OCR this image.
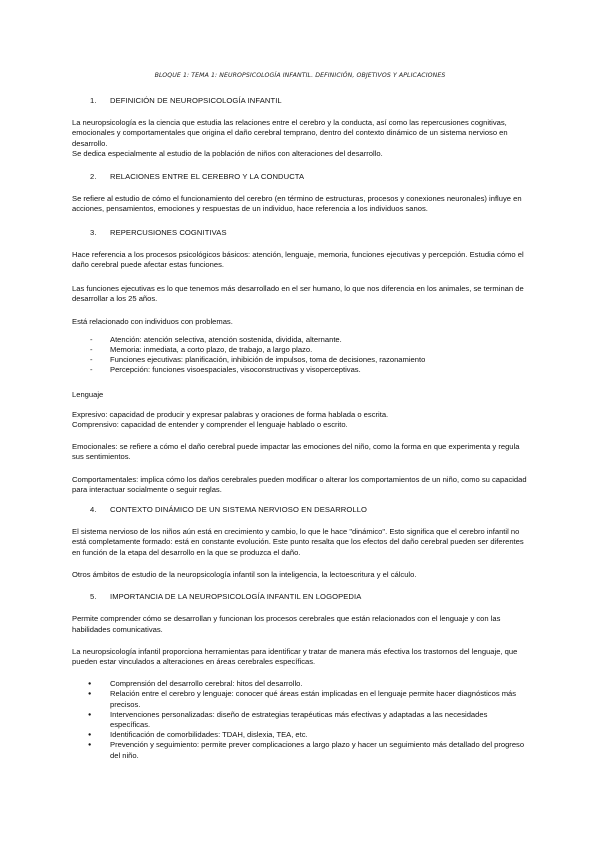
BLOQUE 1: TEMA 1: NEUROPSICOLOGÍA INFANTIL. DEFINICIÓN, OBJETIVOS Y APLICACIONES
1. DEFINICIÓN DE NEUROPSICOLOGÍA INFANTIL

La neuropsicología es la ciencia que estudia las relaciones entre el cerebro y la conducta, así como las repercusiones cognitivas, emocionales y comportamentales que origina el daño cerebral temprano, dentro del contexto dinámico de un sistema nervioso en desarrollo.

Se dedica especialmente al estudio de la población de niños con alteraciones del desarrollo.

2. RELACIONES ENTRE EL CEREBRO Y LA CONDUCTA

Se refiere al estudio de cómo el funcionamiento del cerebro (en término de estructuras, procesos y conexiones neuronales) influye en acciones, pensamientos, emociones y respuestas de un individuo, hace referencia a los individuos sanos.

3. REPERCUSIONES COGNITIVAS

Hace referencia a los procesos psicológicos básicos: atención, lenguaje, memoria, funciones ejecutivas y percepción. Estudia cómo el daño cerebral puede afectar estas funciones.

Las funciones ejecutivas es lo que tenemos más desarrollado en el ser humano, lo que nos diferencia en los animales, se terminan de desarrollar a los 25 años.

Está relacionado con individuos con problemas.

- Atención: atención selectiva, atención sostenida, dividida, alternante.
- Memoria: inmediata, a corto plazo, de trabajo, a largo plazo.
- Funciones ejecutivas: planificación, inhibición de impulsos, toma de decisiones, razonamiento
- Percepción: funciones visoespaciales, visoconstructivas y visoperceptivas.
Lenguaje

Expresivo: capacidad de producir y expresar palabras y oraciones de forma hablada o escrita.

Comprensivo: capacidad de entender y comprender el lenguaje hablado o escrito.

Emocionales: se refiere a cómo el daño cerebral puede impactar las emociones del niño, como la forma en que experimenta y regula sus sentimientos.

Comportamentales: implica cómo los daños cerebrales pueden modificar o alterar los comportamientos de un niño, como su capacidad para interactuar socialmente o seguir reglas.

4. CONTEXTO DINÁMICO DE UN SISTEMA NERVIOSO EN DESARROLLO

El sistema nervioso de los niños aún está en crecimiento y cambio, lo que le hace "dinámico". Esto significa que el cerebro infantil no está completamente formado: está en constante evolución. Este punto resalta que los efectos del daño cerebral pueden ser diferentes en función de la etapa del desarrollo en la que se produzca el daño.

Otros ámbitos de estudio de la neuropsicología infantil son la inteligencia, la lectoescritura y el cálculo.

5. IMPORTANCIA DE LA NEUROPSICOLOGÍA INFANTIL EN LOGOPEDIA

Permite comprender cómo se desarrollan y funcionan los procesos cerebrales que están relacionados con el lenguaje y con las habilidades comunicativas.

La neuropsicología infantil proporciona herramientas para identificar y tratar de manera más efectiva los trastornos del lenguaje, que pueden estar vinculados a alteraciones en áreas cerebrales específicas.

● Comprensión del desarrollo cerebral: hitos del desarrollo.
● Relación entre el cerebro y lenguaje: conocer qué áreas están implicadas en el lenguaje permite hacer diagnósticos más precisos.
● Intervenciones personalizadas: diseño de estrategias terapéuticas más efectivas y adaptadas a las necesidades específicas.
● Identificación de comorbilidades: TDAH, dislexia, TEA, etc.
● Prevención y seguimiento: permite prever complicaciones a largo plazo y hacer un seguimiento más detallado del progreso del niño.
